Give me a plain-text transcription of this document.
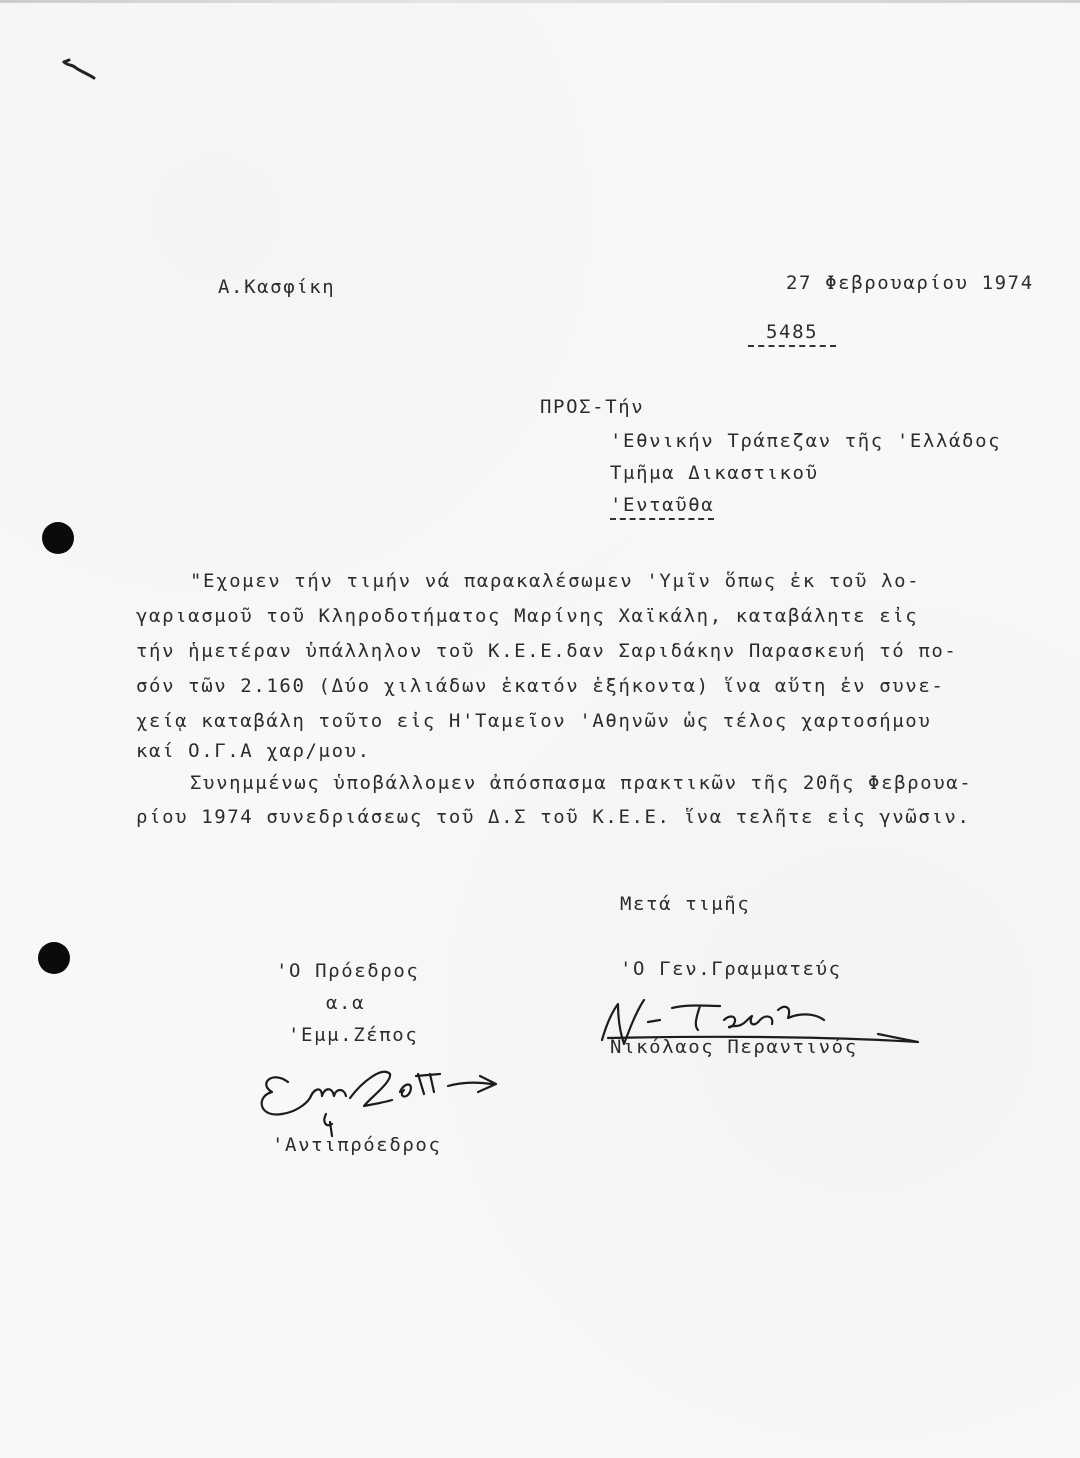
Α.Κασφίκη	27 Φεβρουαρίου 1974
5485
ΠΡΟΣ-Τήν
'Εθνικήν Τράπεζαν τῆς 'Ελλάδος
Τμῆμα Δικαστικοῦ
'Ενταῦθα
"Εχομεν τήν τιμήν νά παρακαλέσωμεν 'Υμῖν ὅπως ἐκ τοῦ λο-
γαριασμοῦ τοῦ Κληροδοτήματος Μαρίνης Χαϊκάλη, καταβάλητε εἰς
τήν ἡμετέραν ὑπάλληλον τοῦ Κ.Ε.Ε.δαν Σαριδάκην Παρασκευή τό πο-
σόν τῶν 2.160 (Δύο χιλιάδων ἑκατόν ἑξήκοντα) ἵνα αὕτη ἐν συνε-
χείᾳ καταβάλη τοῦτο εἰς Η'Ταμεῖον 'Αθηνῶν ὡς τέλος χαρτοσήμου
καί Ο.Γ.Α χαρ/μου.
Συνημμένως ὑποβάλλομεν ἀπόσπασμα πρακτικῶν τῆς 20ῆς Φεβρουα-
ρίου 1974 συνεδριάσεως τοῦ Δ.Σ τοῦ Κ.Ε.Ε. ἵνα τελῆτε εἰς γνῶσιν.
Μετά τιμῆς
'Ο Πρόεδρος
α.α
'Εμμ.Ζέπος
'Αντιπρόεδρος
'Ο Γεν.Γραμματεύς
Νικόλαος Περαντινός
